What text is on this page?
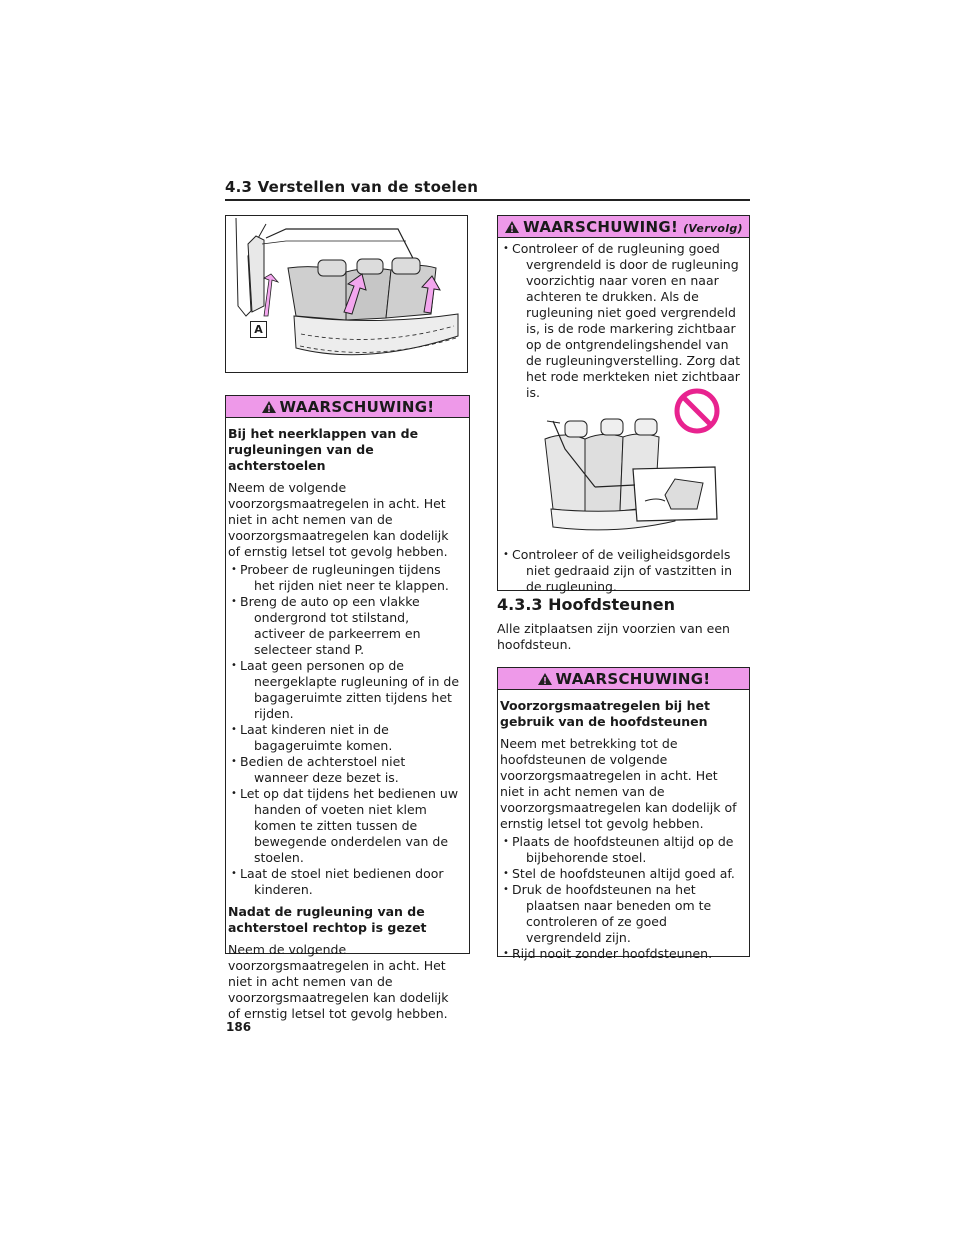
4.3 Verstellen van de stoelen
A
WAARSCHUWING!

Bij het neerklappen van de rugleuningen van de achterstoelen

Neem de volgende voorzorgsmaatregelen in acht. Het niet in acht nemen van de voorzorgsmaatregelen kan dodelijk of ernstig letsel tot gevolg hebben.

• Probeer de rugleuningen tijdens het rijden niet neer te klappen.
• Breng de auto op een vlakke ondergrond tot stilstand, activeer de parkeerrem en selecteer stand P.
• Laat geen personen op de neergeklapte rugleuning of in de bagageruimte zitten tijdens het rijden.
• Laat kinderen niet in de bagageruimte komen.
• Bedien de achterstoel niet wanneer deze bezet is.
• Let op dat tijdens het bedienen uw handen of voeten niet klem komen te zitten tussen de bewegende onderdelen van de stoelen.
• Laat de stoel niet bedienen door kinderen.

Nadat de rugleuning van de achterstoel rechtop is gezet

Neem de volgende voorzorgsmaatregelen in acht. Het niet in acht nemen van de voorzorgsmaatregelen kan dodelijk of ernstig letsel tot gevolg hebben.

WAARSCHUWING! (Vervolg)
• Controleer of de rugleuning goed vergrendeld is door de rugleuning voorzichtig naar voren en naar achteren te drukken. Als de rugleuning niet goed vergrendeld is, is de rode markering zichtbaar op de ontgrendelingshendel van de rugleuningverstelling. Zorg dat het rode merkteken niet zichtbaar is.
• Controleer of de veiligheidsgordels niet gedraaid zijn of vastzitten in de rugleuning.
4.3.3 Hoofdsteunen

Alle zitplaatsen zijn voorzien van een hoofdsteun.

WAARSCHUWING!

Voorzorgsmaatregelen bij het gebruik van de hoofdsteunen

Neem met betrekking tot de hoofdsteunen de volgende voorzorgsmaatregelen in acht. Het niet in acht nemen van de voorzorgsmaatregelen kan dodelijk of ernstig letsel tot gevolg hebben.

• Plaats de hoofdsteunen altijd op de bijbehorende stoel.
• Stel de hoofdsteunen altijd goed af.
• Druk de hoofdsteunen na het plaatsen naar beneden om te controleren of ze goed vergrendeld zijn.
• Rijd nooit zonder hoofdsteunen.
186
